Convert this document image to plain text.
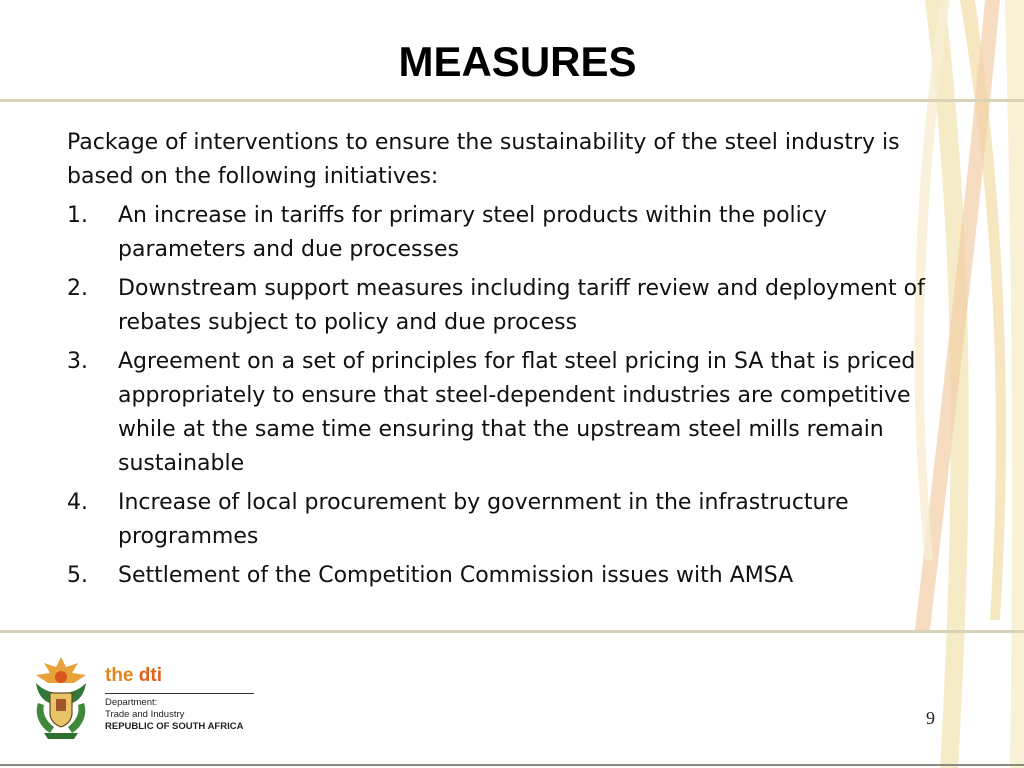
MEASURES

Package of interventions to ensure the sustainability of the steel industry is based on the following initiatives:

1. An increase in tariffs for primary steel products within the policy parameters and due processes
2. Downstream support measures including tariff review and deployment of rebates subject to policy and due process
3. Agreement on a set of principles for flat steel pricing in SA that is priced appropriately to ensure that steel-dependent industries are competitive while at the same time ensuring that the upstream steel mills remain sustainable
4. Increase of local procurement by government in the infrastructure programmes
5. Settlement of the Competition Commission issues with AMSA
the dti
Department:
Trade and Industry
REPUBLIC OF SOUTH AFRICA	9
